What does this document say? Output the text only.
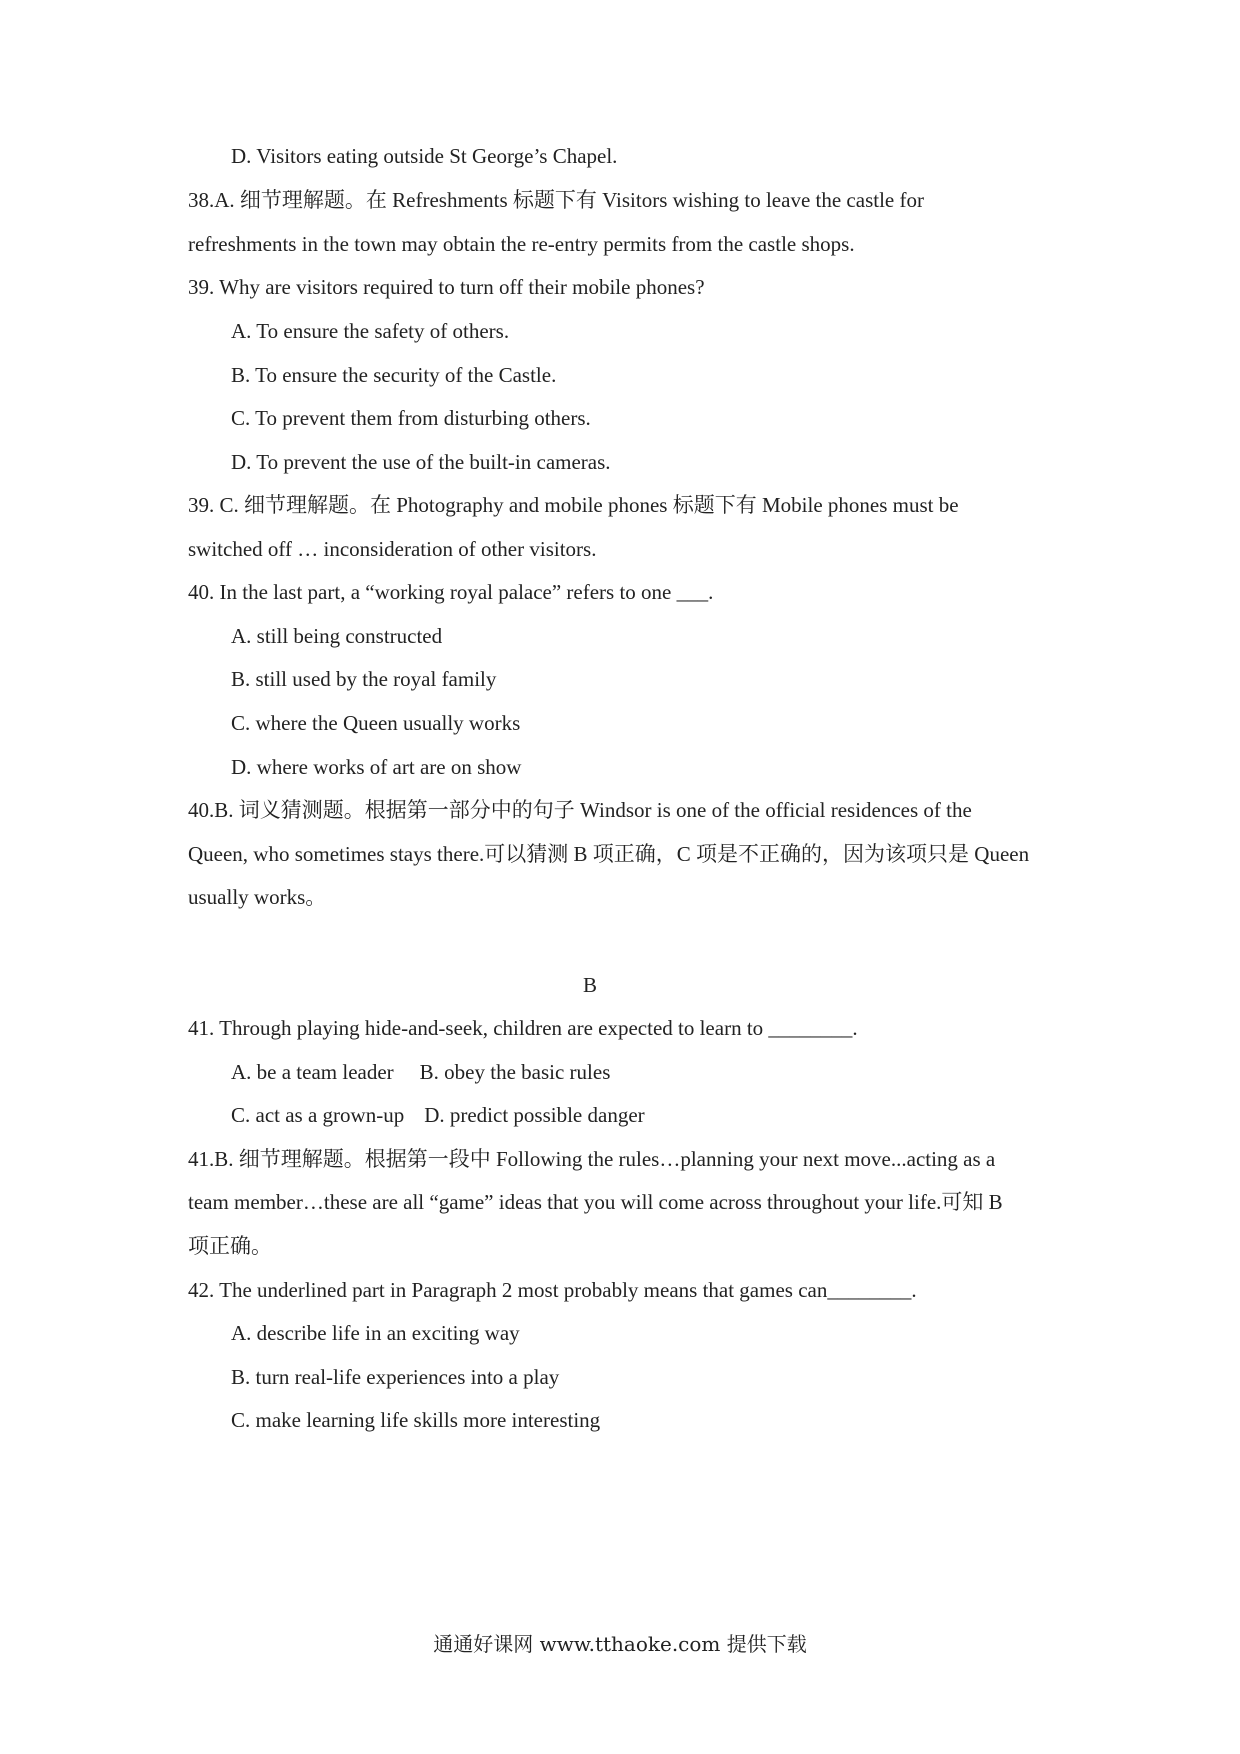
D. Visitors eating outside St George’s Chapel.
38.A. 细节理解题。在 Refreshments 标题下有 Visitors wishing to leave the castle for
refreshments in the town may obtain the re-entry permits from the castle shops.
39. Why are visitors required to turn off their mobile phones?
A. To ensure the safety of others.
B. To ensure the security of the Castle.
C. To prevent them from disturbing others.
D. To prevent the use of the built-in cameras.
39. C. 细节理解题。在 Photography and mobile phones 标题下有 Mobile phones must be
switched off … inconsideration of other visitors.
40. In the last part, a “working royal palace” refers to one ___.
A. still being constructed
B. still used by the royal family
C. where the Queen usually works
D. where works of art are on show
40.B. 词义猜测题。根据第一部分中的句子 Windsor is one of the official residences of the
Queen, who sometimes stays there.可以猜测 B 项正确，C 项是不正确的，因为该项只是 Queen
usually works。
B
41. Through playing hide-and-seek, children are expected to learn to ________.
A. be a team leader B. obey the basic rules
C. act as a grown-up D. predict possible danger
41.B. 细节理解题。根据第一段中 Following the rules…planning your next move...acting as a
team member…these are all “game” ideas that you will come across throughout your life.可知 B
项正确。
42. The underlined part in Paragraph 2 most probably means that games can________.
A. describe life in an exciting way
B. turn real-life experiences into a play
C. make learning life skills more interesting
通通好课网 www.tthaoke.com 提供下载
